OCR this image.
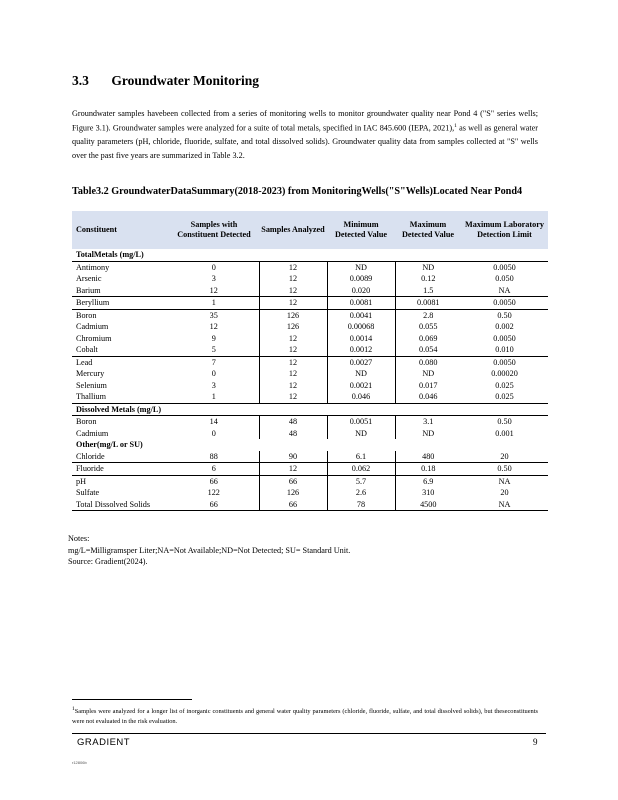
3.3 Groundwater Monitoring
Groundwater samples havebeen collected from a series of monitoring wells to monitor groundwater quality near Pond 4 ("S" series wells; Figure 3.1). Groundwater samples were analyzed for a suite of total metals, specified in IAC 845.600 (IEPA, 2021),$^1$ as well as general water quality parameters (pH, chloride, fluoride, sulfate, and total dissolved solids). Groundwater quality data from samples collected at "S" wells over the past five years are summarized in Table 3.2.
Table3.2 GroundwaterDataSummary(2018-2023) from MonitoringWells("S"Wells)Located Near Pond4
Constituent	Samples with Constituent Detected	Samples Analyzed	Minimum Detected Value	Maximum Detected Value	Maximum Laboratory Detection Limit
TotalMetals (mg/L)					
Antimony	0	12	ND	ND	0.0050
Arsenic	3	12	0.0089	0.12	0.050
Barium	12	12	0.020	1.5	NA
Beryllium	1	12	0.0081	0.0081	0.0050
Boron	35	126	0.0041	2.8	0.50
Cadmium	12	126	0.00068	0.055	0.002
Chromium	9	12	0.0014	0.069	0.0050
Cobalt	5	12	0.0012	0.054	0.010
Lead	7	12	0.0027	0.080	0.0050
Mercury	0	12	ND	ND	0.00020
Selenium	3	12	0.0021	0.017	0.025
Thallium	1	12	0.046	0.046	0.025
Dissolved Metals (mg/L)					
Boron	14	48	0.0051	3.1	0.50
Cadmium	0	48	ND	ND	0.001
Other(mg/L or SU)					
Chloride	88	90	6.1	480	20
Fluoride	6	12	0.062	0.18	0.50
pH	66	66	5.7	6.9	NA
Sulfate	122	126	2.6	310	20
Total Dissolved Solids	66	66	78	4500	NA
Notes:
mg/L=Milligramsper Liter;NA=Not Available;ND=Not Detected; SU= Standard Unit.
Source: Gradient(2024).
$^1$Samples were analyzed for a longer list of inorganic constituents and general water quality parameters (chloride, fluoride, sulfate, and total dissolved solids), but theseconstituents were not evaluated in the risk evaluation.
GRADIENT	9
r12806b
